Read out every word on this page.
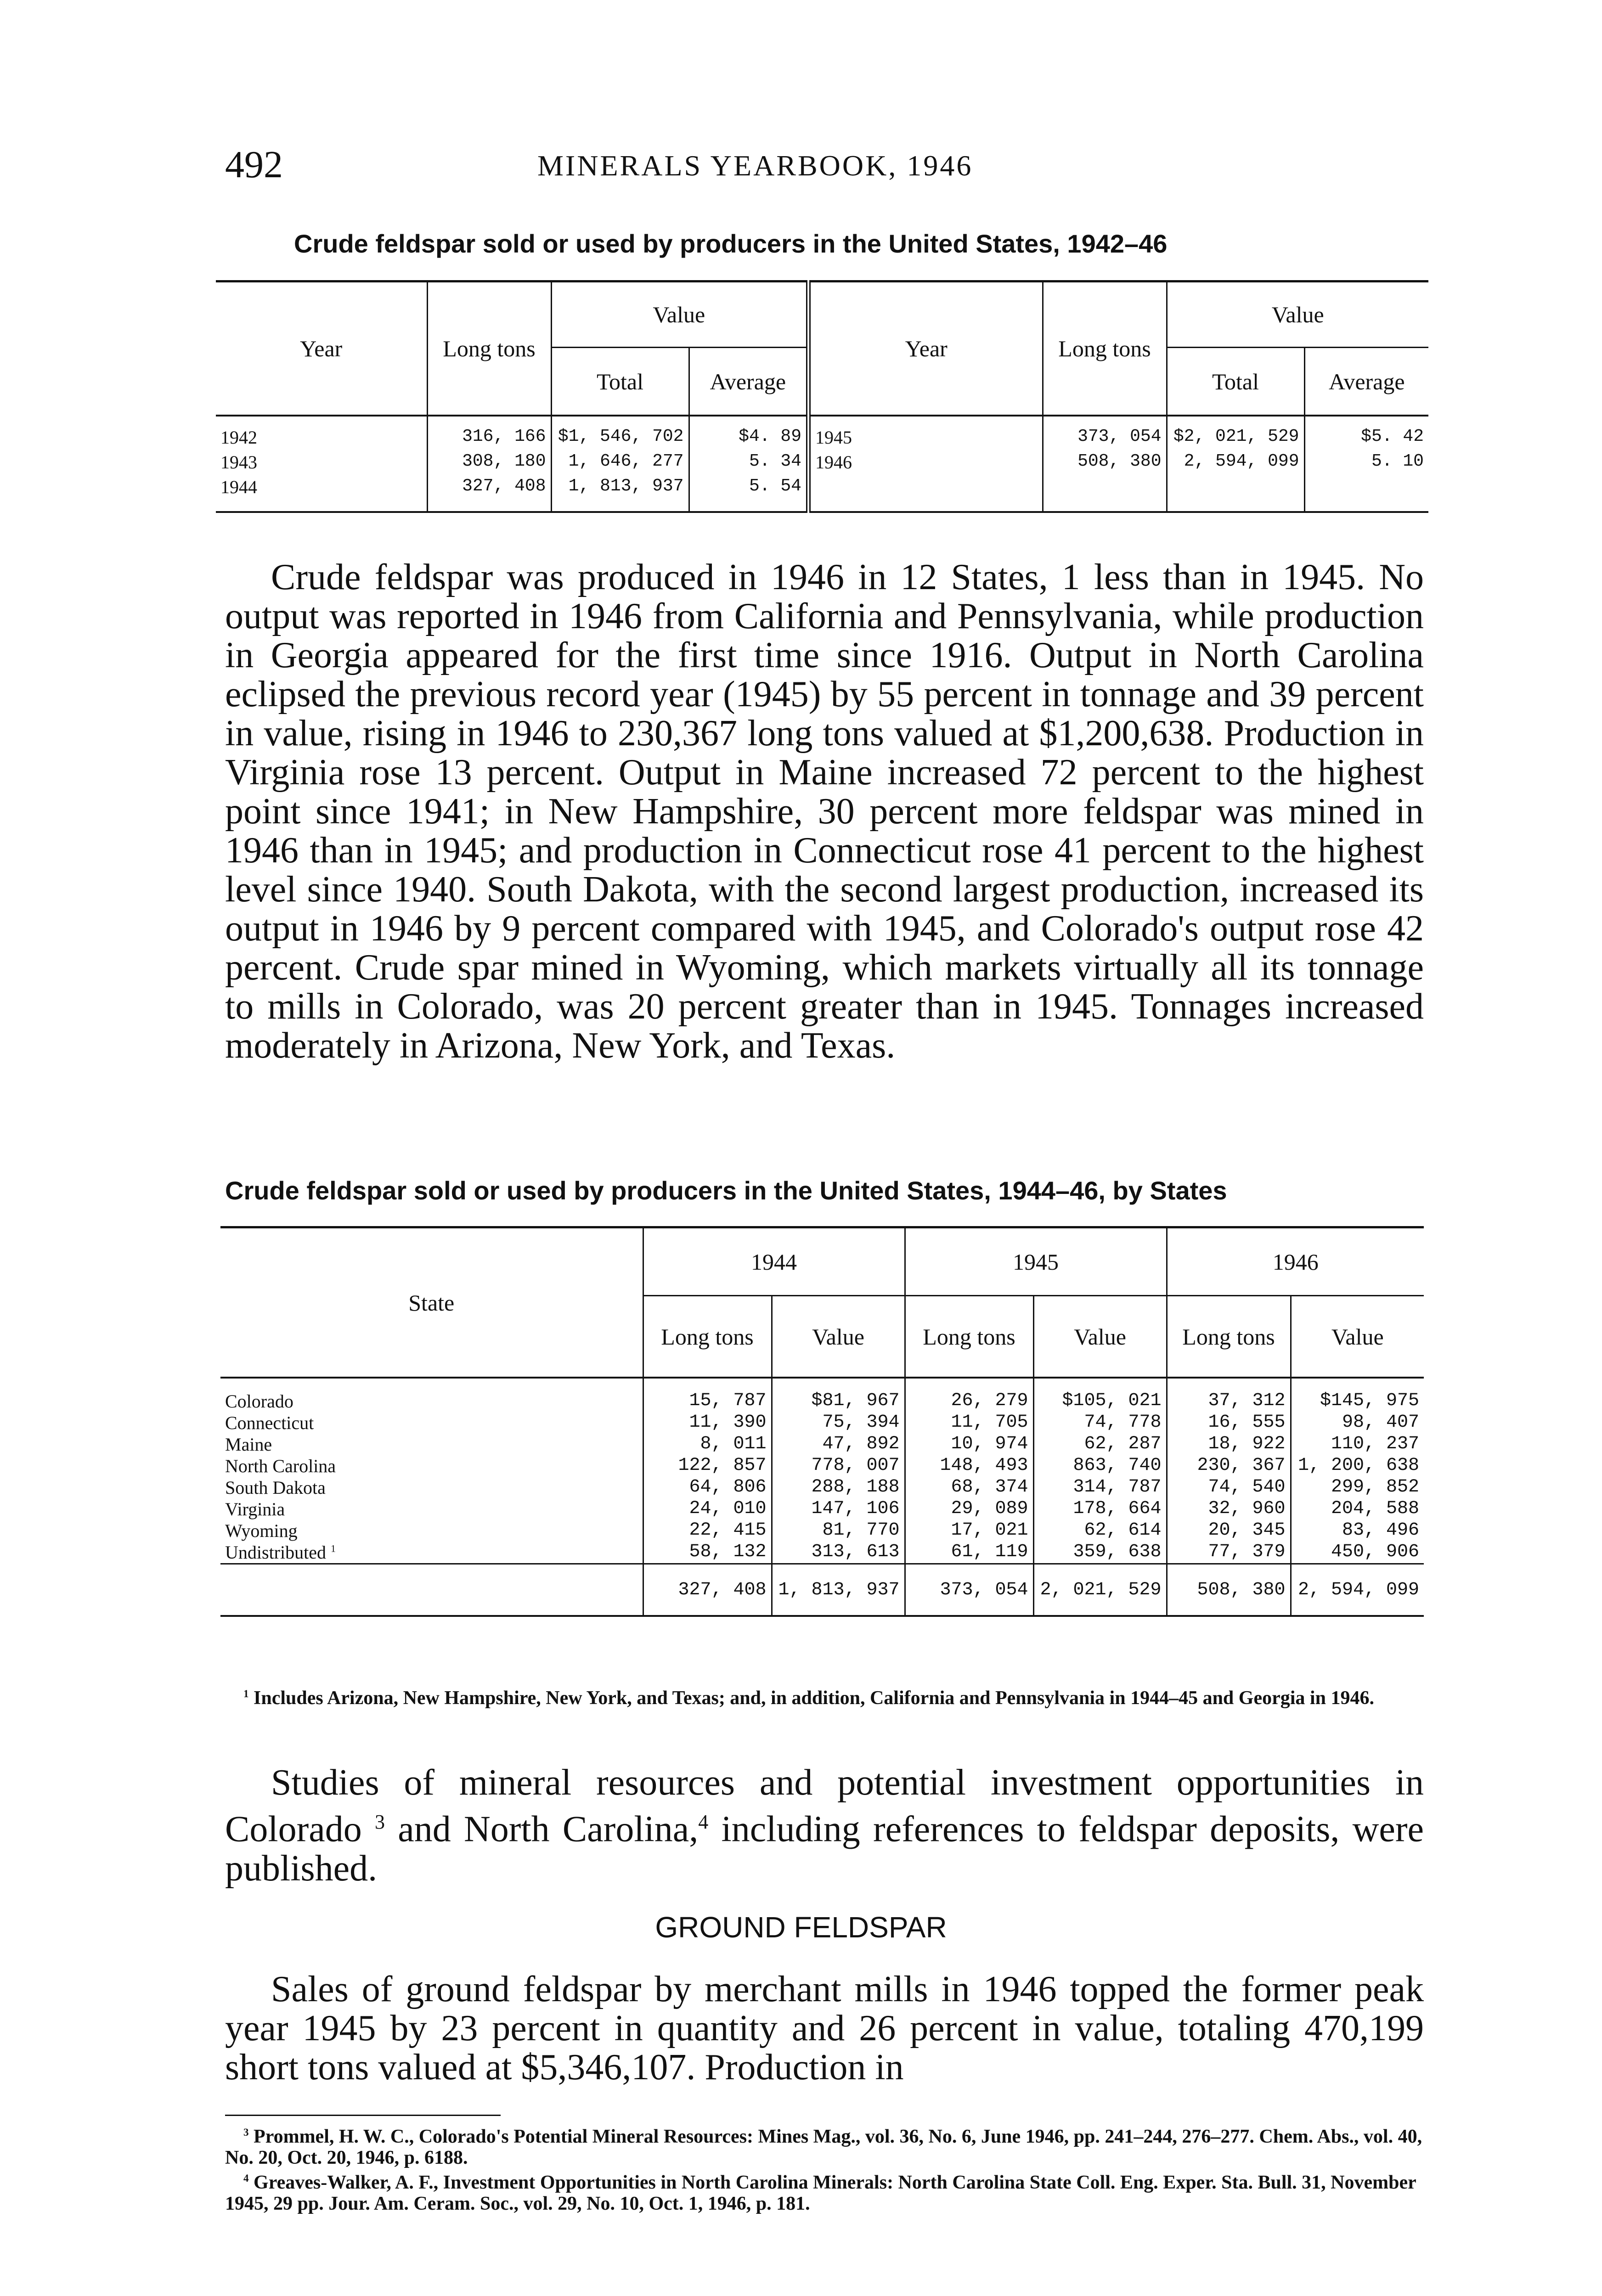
492	MINERALS YEARBOOK, 1946
Crude feldspar sold or used by producers in the United States, 1942–46
Year	Long tons	Value		Year	Long tons	Value	
		Total	Average			Total	Average
1942	316, 166	$1, 546, 702	$4. 89	1945	373, 054	$2, 021, 529	$5. 42
1943	308, 180	1, 646, 277	5. 34	1946	508, 380	2, 594, 099	5. 10
1944	327, 408	1, 813, 937	5. 54				

Crude feldspar was produced in 1946 in 12 States, 1 less than in 1945. No output was reported in 1946 from California and Pennsylvania, while production in Georgia appeared for the first time since 1916. Output in North Carolina eclipsed the previous record year (1945) by 55 percent in tonnage and 39 percent in value, rising in 1946 to 230,367 long tons valued at $1,200,638. Production in Virginia rose 13 percent. Output in Maine increased 72 percent to the highest point since 1941; in New Hampshire, 30 percent more feldspar was mined in 1946 than in 1945; and production in Connecticut rose 41 percent to the highest level since 1940. South Dakota, with the second largest production, increased its output in 1946 by 9 percent compared with 1945, and Colorado's output rose 42 percent. Crude spar mined in Wyoming, which markets virtually all its tonnage to mills in Colorado, was 20 percent greater than in 1945. Tonnages increased moderately in Arizona, New York, and Texas.

Crude feldspar sold or used by producers in the United States, 1944–46, by States
State	1944		1945		1946	
	Long tons	Value	Long tons	Value	Long tons	Value
Colorado	15, 787	$81, 967	26, 279	$105, 021	37, 312	$145, 975
Connecticut	11, 390	75, 394	11, 705	74, 778	16, 555	98, 407
Maine	8, 011	47, 892	10, 974	62, 287	18, 922	110, 237
North Carolina	122, 857	778, 007	148, 493	863, 740	230, 367	1, 200, 638
South Dakota	64, 806	288, 188	68, 374	314, 787	74, 540	299, 852
Virginia	24, 010	147, 106	29, 089	178, 664	32, 960	204, 588
Wyoming	22, 415	81, 770	17, 021	62, 614	20, 345	83, 496
Undistributed $^1$	58, 132	313, 613	61, 119	359, 638	77, 379	450, 906
	327, 408	1, 813, 937	373, 054	2, 021, 529	508, 380	2, 594, 099
$^1$ Includes Arizona, New Hampshire, New York, and Texas; and, in addition, California and Pennsylvania in 1944–45 and Georgia in 1946.

Studies of mineral resources and potential investment opportunities in Colorado $^3$ and North Carolina,$^4$ including references to feldspar deposits, were published.

GROUND FELDSPAR

Sales of ground feldspar by merchant mills in 1946 topped the former peak year 1945 by 23 percent in quantity and 26 percent in value, totaling 470,199 short tons valued at $5,346,107. Production in

$^3$ Prommel, H. W. C., Colorado's Potential Mineral Resources: Mines Mag., vol. 36, No. 6, June 1946, pp. 241–244, 276–277. Chem. Abs., vol. 40, No. 20, Oct. 20, 1946, p. 6188.
$^4$ Greaves-Walker, A. F., Investment Opportunities in North Carolina Minerals: North Carolina State Coll. Eng. Exper. Sta. Bull. 31, November 1945, 29 pp. Jour. Am. Ceram. Soc., vol. 29, No. 10, Oct. 1, 1946, p. 181.
